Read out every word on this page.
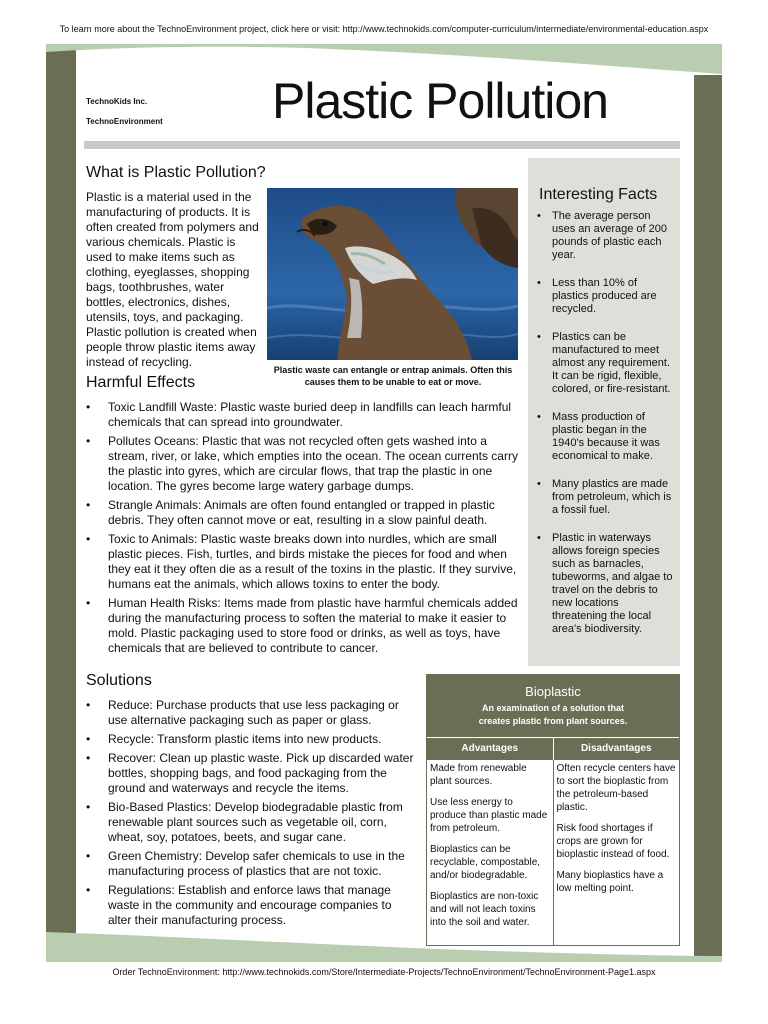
To learn more about the TechnoEnvironment project, click here or visit: http://www.technokids.com/computer-curriculum/intermediate/environmental-education.aspx
TechnoKids Inc.
TechnoEnvironment Plastic Pollution
What is Plastic Pollution?
Plastic is a material used in the manufacturing of products. It is often created from polymers and various chemicals. Plastic is used to make items such as clothing, eyeglasses, shopping bags, toothbrushes, water bottles, electronics, dishes, utensils, toys, and packaging. Plastic pollution is created when people throw plastic items away instead of recycling.
Plastic waste can entangle or entrap animals. Often this causes them to be unable to eat or move.
Harmful Effects
• Toxic Landfill Waste: Plastic waste buried deep in landfills can leach harmful chemicals that can spread into groundwater.
• Pollutes Oceans: Plastic that was not recycled often gets washed into a stream, river, or lake, which empties into the ocean. The ocean currents carry the plastic into gyres, which are circular flows, that trap the plastic in one location. The gyres become large watery garbage dumps.
• Strangle Animals: Animals are often found entangled or trapped in plastic debris. They often cannot move or eat, resulting in a slow painful death.
• Toxic to Animals: Plastic waste breaks down into nurdles, which are small plastic pieces. Fish, turtles, and birds mistake the pieces for food and when they eat it they often die as a result of the toxins in the plastic. If they survive, humans eat the animals, which allows toxins to enter the body.
• Human Health Risks: Items made from plastic have harmful chemicals added during the manufacturing process to soften the material to make it easier to mold. Plastic packaging used to store food or drinks, as well as toys, have chemicals that are believed to contribute to cancer.
Solutions
• Reduce: Purchase products that use less packaging or use alternative packaging such as paper or glass.
• Recycle: Transform plastic items into new products.
• Recover: Clean up plastic waste. Pick up discarded water bottles, shopping bags, and food packaging from the ground and waterways and recycle the items.
• Bio-Based Plastics: Develop biodegradable plastic from renewable plant sources such as vegetable oil, corn, wheat, soy, potatoes, beets, and sugar cane.
• Green Chemistry: Develop safer chemicals to use in the manufacturing process of plastics that are not toxic.
• Regulations: Establish and enforce laws that manage waste in the community and encourage companies to alter their manufacturing process.
Interesting Facts
• The average person uses an average of 200 pounds of plastic each year.
• Less than 10% of plastics produced are recycled.
• Plastics can be manufactured to meet almost any requirement. It can be rigid, flexible, colored, or fire-resistant.
• Mass production of plastic began in the 1940's because it was economical to make.
• Many plastics are made from petroleum, which is a fossil fuel.
• Plastic in waterways allows foreign species such as barnacles, tubeworms, and algae to travel on the debris to new locations threatening the local area's biodiversity.
Bioplastic
An examination of a solution that
creates plastic from plant sources.
Advantages	Disadvantages

Made from renewable plant sources.

Use less energy to produce than plastic made from petroleum.

Bioplastics can be recyclable, compostable, and/or biodegradable.

Bioplastics are non-toxic and will not leach toxins into the soil and water.

Often recycle centers have to sort the bioplastic from the petroleum-based plastic.

Risk food shortages if crops are grown for bioplastic instead of food.

Many bioplastics have a low melting point.

Order TechnoEnvironment: http://www.technokids.com/Store/Intermediate-Projects/TechnoEnvironment/TechnoEnvironment-Page1.aspx
